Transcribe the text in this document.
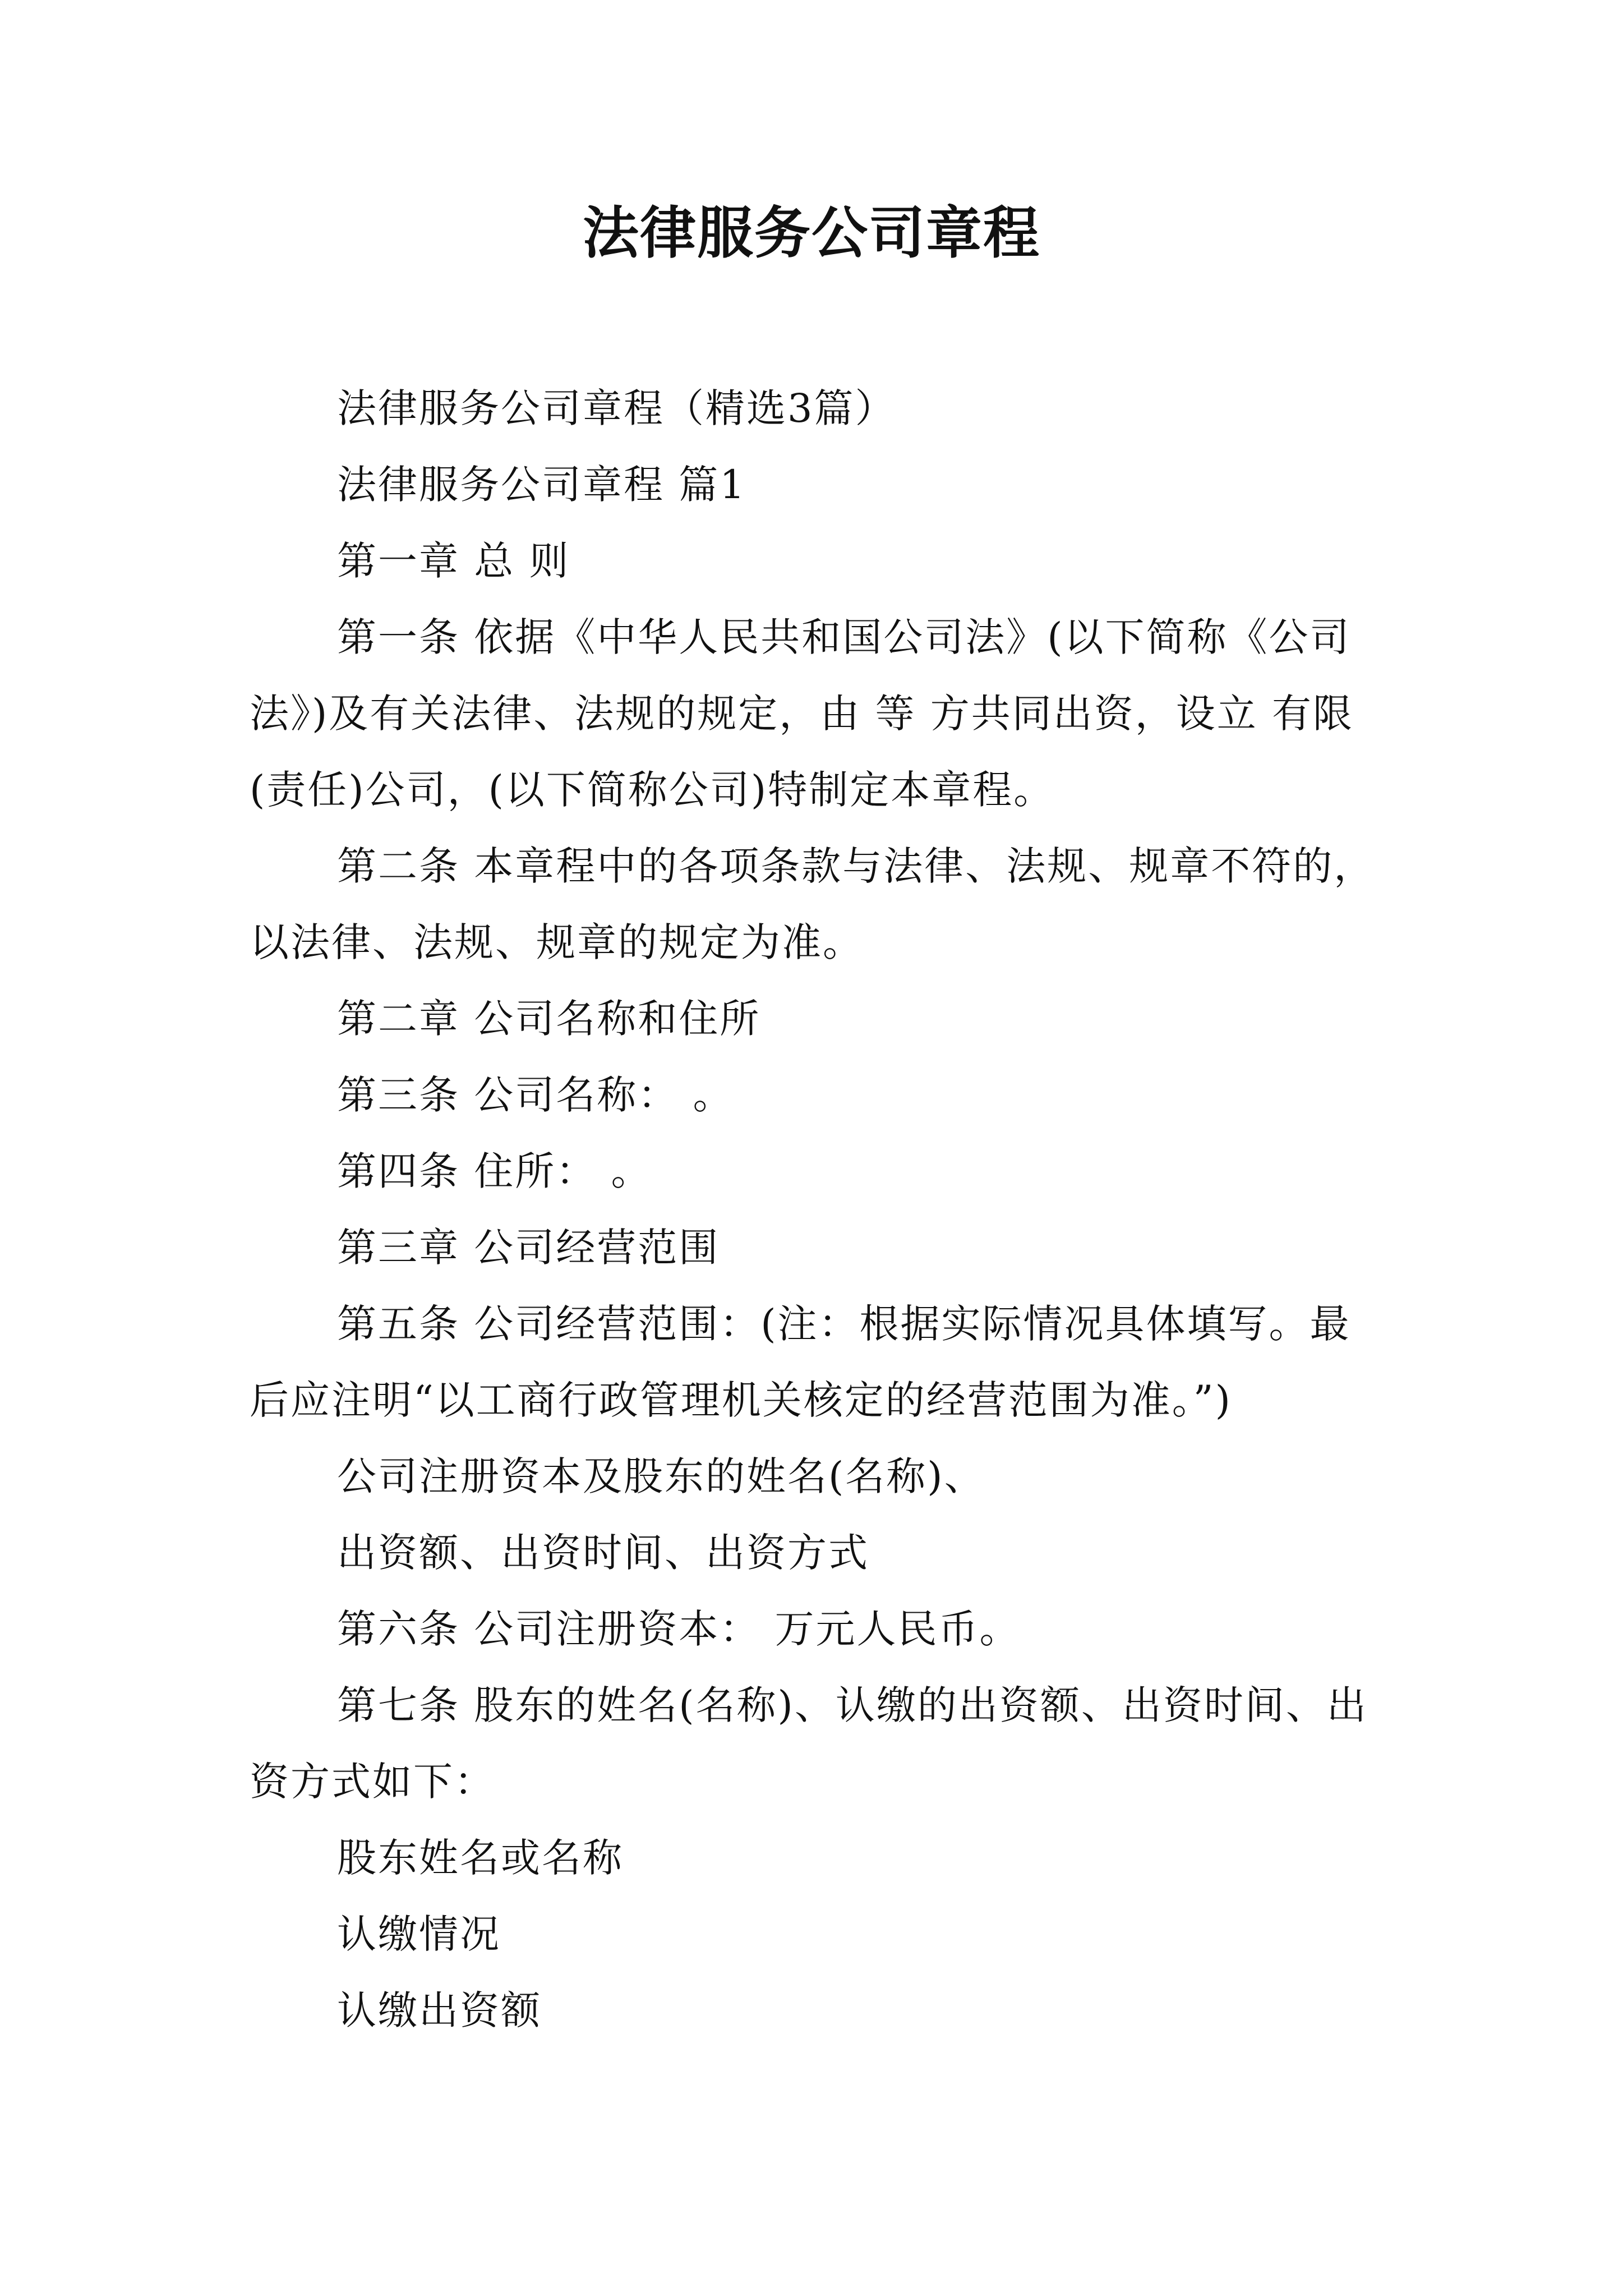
法律服务公司章程

法律服务公司章程（精选3篇）

法律服务公司章程 篇1

第一章 总 则

第一条 依据《中华人民共和国公司法》(以下简称《公司法》)及有关法律、法规的规定，由 等 方共同出资，设立 有限(责任)公司，(以下简称公司)特制定本章程。

第二条 本章程中的各项条款与法律、法规、规章不符的，以法律、法规、规章的规定为准。

第二章 公司名称和住所

第三条 公司名称： 。

第四条 住所： 。

第三章 公司经营范围

第五条 公司经营范围：(注：根据实际情况具体填写。最后应注明“以工商行政管理机关核定的经营范围为准。”)

公司注册资本及股东的姓名(名称)、

出资额、出资时间、出资方式

第六条 公司注册资本： 万元人民币。

第七条 股东的姓名(名称)、认缴的出资额、出资时间、出资方式如下：

股东姓名或名称

认缴情况

认缴出资额
